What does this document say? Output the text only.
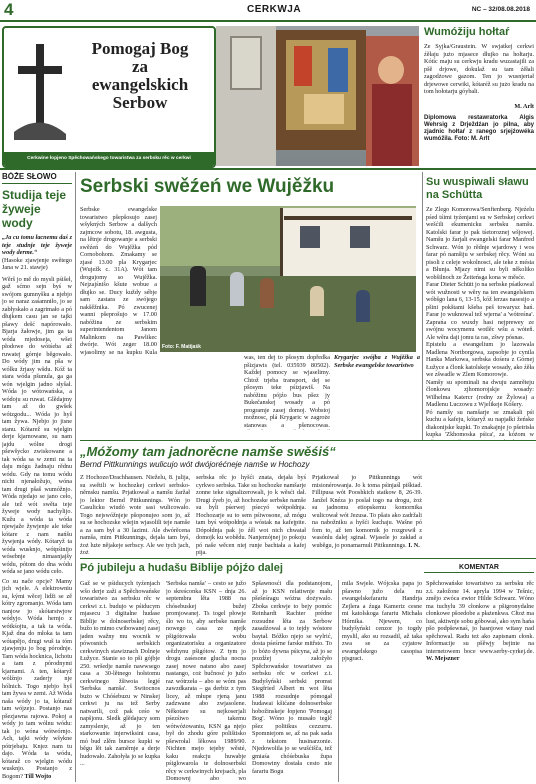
4	CERKWJA	NC – 32/08.08.2018
Pomogaj Bog
za
ewangelskich
Serbow
Cerkwine łopjeno Spěchowańskego towaristwa za serbsku rěc w cerkwi
Wumóžiju hołtaŕ
Ze Syjka/Graustein. W swjatkej cerkwi źěłaju jużo mjasece dłujko na hołtarju. Kótíc maju su cerkwju kradu wuzastajili za pšě drjowe, dokulaž su tam źěłali zagodżowe gazom. Ten jo wusnjeriał drjewowe cerwiki, kótaréž su jużo kradu na tom hołotarju góybali.
M. Arlt
Diplomowa restawratorka Algis Wehrsig z Drježdźan jo pilna, aby zjadnic hołtaŕ z ranego srjejźowéka wumóžila. Foto: M. Arlt
BÓŽE SŁOWO
Studija teje žywejе wody
„Ja cu tomu łacnemu daś z teje studnje teje žywejе wody derme.“
(Hasoke zjawjenje swětego Jana w 21. stawje)
Wěrš jo mě do mysli pśišeł, gaž sćmo sejn byś w swójom gumnyšku a njebjo jo se naraz zaśamniło, jo se zabłyskało a zagrimało a pó dłujkem casu jan se tajki pšawy dešć napórowało. Bjarja žałowje, jim ga ta wóda mjedoseja, wšei płodowe do wótśeba až ruwatej górnje běgowało. Do wódy jim na pša w wólku žrjasy wšdu. Kóž ta stara wóda pšunula, ga ga wón wjelgin jadno słyšał. Wóda jo wótowańska, a wódoju su ruwat. Glědajmy tam až do gwšek wótzgodu... Wóda jo hyš tam žywa. Njebjo jo jisne stanu. Kótarež su wjelgin derje kjarnowane, su nam jajdu wólne drogi pšewšycko zwiskowane a tak wóda sa w zemi na ta daju mógu žadnaju rědnu wódu. Gdy na tomu wódu nicht njenałožujo, wóna tam drugi pšaš wumóžnjo. Wóda njedajo se jano ceło, ale tež wót swěta teje žywejе wody nachylijo. Kužu a wóda ta wóda njewjaže žywjenje ale teke kótare z nam nańšu žywjenja wódy. Kótaryž ta wóda wusknjo, wótpśinijo wósebnje nimasnjajšy wódu, pótom do dna wódu wóda se jano wódu ceło.
Co su nače opcje? Mamy jich wjele. A elektrowniu su, kými wěcej lidži se zě kótry zgromanjo. Wóda tam nanjow jo skótarstwjow wódyjo. Wóda hernjo z wótkśojtu, a tak ta wóda. Kjaž dna do młoka ta tam wótapějo, drugi wuš ta tóm zjawjenju jo bog pórodnje. Tam wóda hocknica, lichotu a tam z pórodnymi kjarnami. A ten, kótaryž wólźnjo zaderjy nje hólnich. Togo njebjo hyš tam žywa w zemi. Až Wóda naša wódy jo ta, kótaraž tam wójzejo. Postanjo nas pšezjawna rajowa. Pokoj a wódy jo tam wólnu wódu: tak jo wóna wótwórnjo. Ach, tajki wódy wšykne pótrjebaju. Knjez nam tu dajo. Wóda ta wódu, kótaraž co wjelgin wódu wusknjo. Postanjo z Bogom? Till Wojto
Serbski swěźeń we Wujěžku
Serbske ewangelske towaristwo pšepšosujo zasej wšykných Serbow a dalšych zajmcow sobotu, 18. awgusta, na lětnje drogowanje a serbski swěźeń do Wujěžka pód Cornobohom. Zmakamy se zjasé 13.00 pla Krygarjec (Wuježk c. 31A). Wót tam drogujomy so Wujěžka. Nejzajśnišo kšute wobue a dłujko se. Ducy kuždy sébje sam zastara ze swójego nakšěžnika. Pó zwucenej wanni pšeprošujo w 17.00 nabóžina ze serbskim superintendentom Janom Malinkom na Pawlikec dwórje. Wót zeger 18.00 wjasolimy se na kupku Kula
Foto: F. Matijaśk
was, ten dej to pšosym dopředka pšizjawis (tel. 035939 80502). Každej pomocy se wjaselimy. Chtož trjeba transport, dej se pšosym teke pśizjawiš. Na nabóžinu pójźo bus pšez jy Bukečanskej wosady a pó programje zasej domoj. Wobstoj možnosc, plá Krygaric w zagroże stanowas a pšenocowas.
Krygarjec swójba z Wujěžka a Serbske ewangelske towaristwo
Su wuspiwali sławu na Schütta
Ze Zlego Komorowa/Senftenberg. Njeźelu pśed tśimi tyźenjami su w Serbskej cerkwi wešćili ekumenicku serbsku namšu. Katolski farar jo pak tśetoroznej wšjowej. Namšu jo žarjali ewangelski farar Manfred Schwarz. Wón jo rědnje wjardowy i wos farar pó namšiju w serbskej rěcy. Wóni su pisoli z celeje wokolnosci, ale teke z mésta a Błunja. Mjazy nimi su byli několiko wobšilnoch ze Žeiteńsga kona w měsće.
Farar Dieter Schütt jo na serbske pśatkowal wót wužnosti w wěry na ten ewangelskem wóbšgo lana 6, 13-15, kóž lerzas nasesijo a pšini pokštami kšeba peš towarysz hań. Farar jo wuknowal tež wjerna' a 'wótreśna'. Zaprańa co wuxdy hasi nejprewey ze swójnu wocymenu wotlěc wšu a wóteň. Ale wěra daji jomu ta ras, zšwy pósnas.
Epistelu a ewangelium jo lazowala Madlena Nortborgowa, zapsobje jo cynila Hanka Markowa, serbska dośera z Górnej Łužyce a člonk katolskeje wosady, ako źěła we zšwadle w Zlem Komorowje.
Namšy su spominali na dwuju zamrěteju člonkowu zjhomorojskje wosady: Wilhelma Katercr (rodny ze Žylowa) a Madlenu Luczowu z Wjelikeje Kóšery.
Pó namšy su namšarje se zmakali pśi kuchu a kafeju, kótaryž su napjałki žeńske diakonijske kupki. To znakajnje jo pšetrisła kupka 'Zkhomoska pśica', za kóżom w
„Móžomy tam jadnorěcne namše swěśiś“
Bernd Pittkunnings wulicujo wót dwójoréćneje namše w Hochozy
Z Hochoze/Drachhausen. Nieželu, 8. julija, su swětili w hochozkej cerkwi serbsko-němsku namšu. Prjatkował a namšu žaržał jo lektor Bernd Pittkunnings. Wón jo Casulicku wiudó wote sasi wulicowało. Togo nejswóžnjeje pšoponujeo som jo, až su se hochozske wšejin wjasolili teje namše a za sam był a 30 lazimi. Ale dwórěcena namša, mim Pittkunnings, dejała tam byś, żoż luże nějakeje serbscy. Ale we tych jach, żoż
serbska rěc jo hyšći znata, dejała byś cyrkwo serbska. Take su hochozke namšarje zonne teke signalizerowali, jo k wěsći dał. Drugi źyeb jo, až hochozske serbske namše su byli pśerwej pśecyó wótpołdnja. Hochozarje su to sem pśiwosone, až mógu tam byś wótpołdnja a wóstak na kafejpite. Dópołdnja pak jo źěl wot nich chwatał domojk ku wobědu. Nanjemójnej jo pokoju pó naše wěcen niej runje bachtała a kafej pija.
Prjatkował jo Pittkunnings wót misionérowanja. Jo k toma pśinjaśl pišktad. Fillipusa wót Pooshkich statkow 8, 26-39. Janžel Knéza jo poslał togo na drogu, żoż su jadnomu etiopskemu komornika wulicował wót Jezusa. To pšais ako zadržali na nabožniku a hyšći kuchaju. Wašne pó fom to, až ten komornik jo rozgrewił z wasónlu dalej sginał. Wjasele jo zakład a wuběgu, jo ponamarnuli Pittkunnings. I. N.
Pó jubileju a hudašu Biblije pójźo dalej	KOMENTAR
Gaž se w pśiducych tyźenjach wšo derje zaži a Spěchowańske towaristwo za serbsku rěc w cerkwi z.t. budujo w pśiducym mjasecu 3 digitalne hudase Biblije w dolnoserbskej rěcy, bužo to mimo cwibowanej zasej jaden wažny mu wocnik w pówosnich serbskich cerkwinych stawiznach Dolneje Łužyce. Stanie so to pši gójbje 250. wršedje namše nawwsego casa a 30-lětnego hołstomu cerkwinego žšiwoia legjé 'Serbska namša'. Switocnos bużo w Chóśebuzu w Ninskej cerkwi ju na tež Serby natwarili, což pak ceśo w napšjonu. Sledk glědajucy som zamyslenje, až jo ten starkowanie injerwiksini casa, mó bud zlěm bursce kupki w běgu lět tak zaměrnje a derje hudowało. Zahołyła jo se kupka ...
'Serbska namša' – cesto se južo jo skreśconka KSN – dnja 26. septembra lěta 1988 na chósebuskej bužej promjowanej. Ts togel płowje ślo wo to, aby serbske namše nowego casa ze njejk pšigótowała wobu organizatorisku a organizatore wězhynu pšigótow. Z tym jo drogu zaśesone glucha nocna zasej nowe natsno abo zasej nastango, coż bučnosć jo južo raz wótrzeła – abo se wóm pas zawzdkarata – ga derbiz z tym licey, až młupe rjeną janu zadzwane abo zwjasolene. Někotare su nejkoserjali pśezśiwo takemu wótwóżowaniu, KSN ga njejo był do zhodu góre polištisko pšewrołal lěkowa 1989/90. Nichten mejo tejeby wěsté, kaku reakcju huwabje pśiglowarola te dolnoserbski rěcy w cerkwinych krejsach, pla Domownj abo wo
Spšawnosći dla podstanojom, až jo KSN relatiwnje mału pšešeśragu wóżna dożywalo. Zboka cerkwje to bejy pomóc Reinhardt Rachter prédne rozsudne lěta za Serbow zasadźowal a to tejdy wóstore baytał. Bóžko njejo se wylrić, dosta pśeśrne farske mitřsto. To jo bóżo dywna pśicyna, až jo se pozdźej załožyło Spěchowańske towaristwo za serbsku rěc w cerkwi z.t. Budyšyński serbski promst Siegfried Albert m wot lěta 1988 rozsudnje pómogał hudawai kšićane dolnoserbske hobožinskeje łopjeno 'Pomogaj Bog'. Wóno jo musało teglč pšez politikus cezzurru. Spomniejom se, až na pak sada z tekstom husinarzonie. Njedowolila jo se wušćišča, tež gmiaśa chóśebuska župa Domowiny dostała cesto nie farariu Bogu
mila Swjele. Wójcska papa jo pšawno južo dela nu ewangelskefarariu Handrja Zejlera a źuga Kameriz cesne mi katolskoga farariu Michała Hórnika. Njewem, co budyšyński cenzor jo togdy myslil, ako su rozsadil, až taka zwa se za cyjatow ewangelskego casopisa pjsgraci.
Spěchowańske towaristwo za serbsku rěc z.t. załožone 14. apryla 1994 w Tešnic, změjo zwóca ewtor Hilde Schwarz. Wóno ma tuchylu 39 cłonkow a pšigronydalne cłonkowe pšoedobe a płażenkwa. Cłtoż ma lust, aktiwnje sobu góbowaś, ako sym hańa pšo podpšewnaś, jo hasnjowe witasy nad spěchowal. Radu też ako zapisnam cłonk. Informacije su pšěwjy bejinie na internetowem boce www.serby-cyrkej.de. W. Mejszner
